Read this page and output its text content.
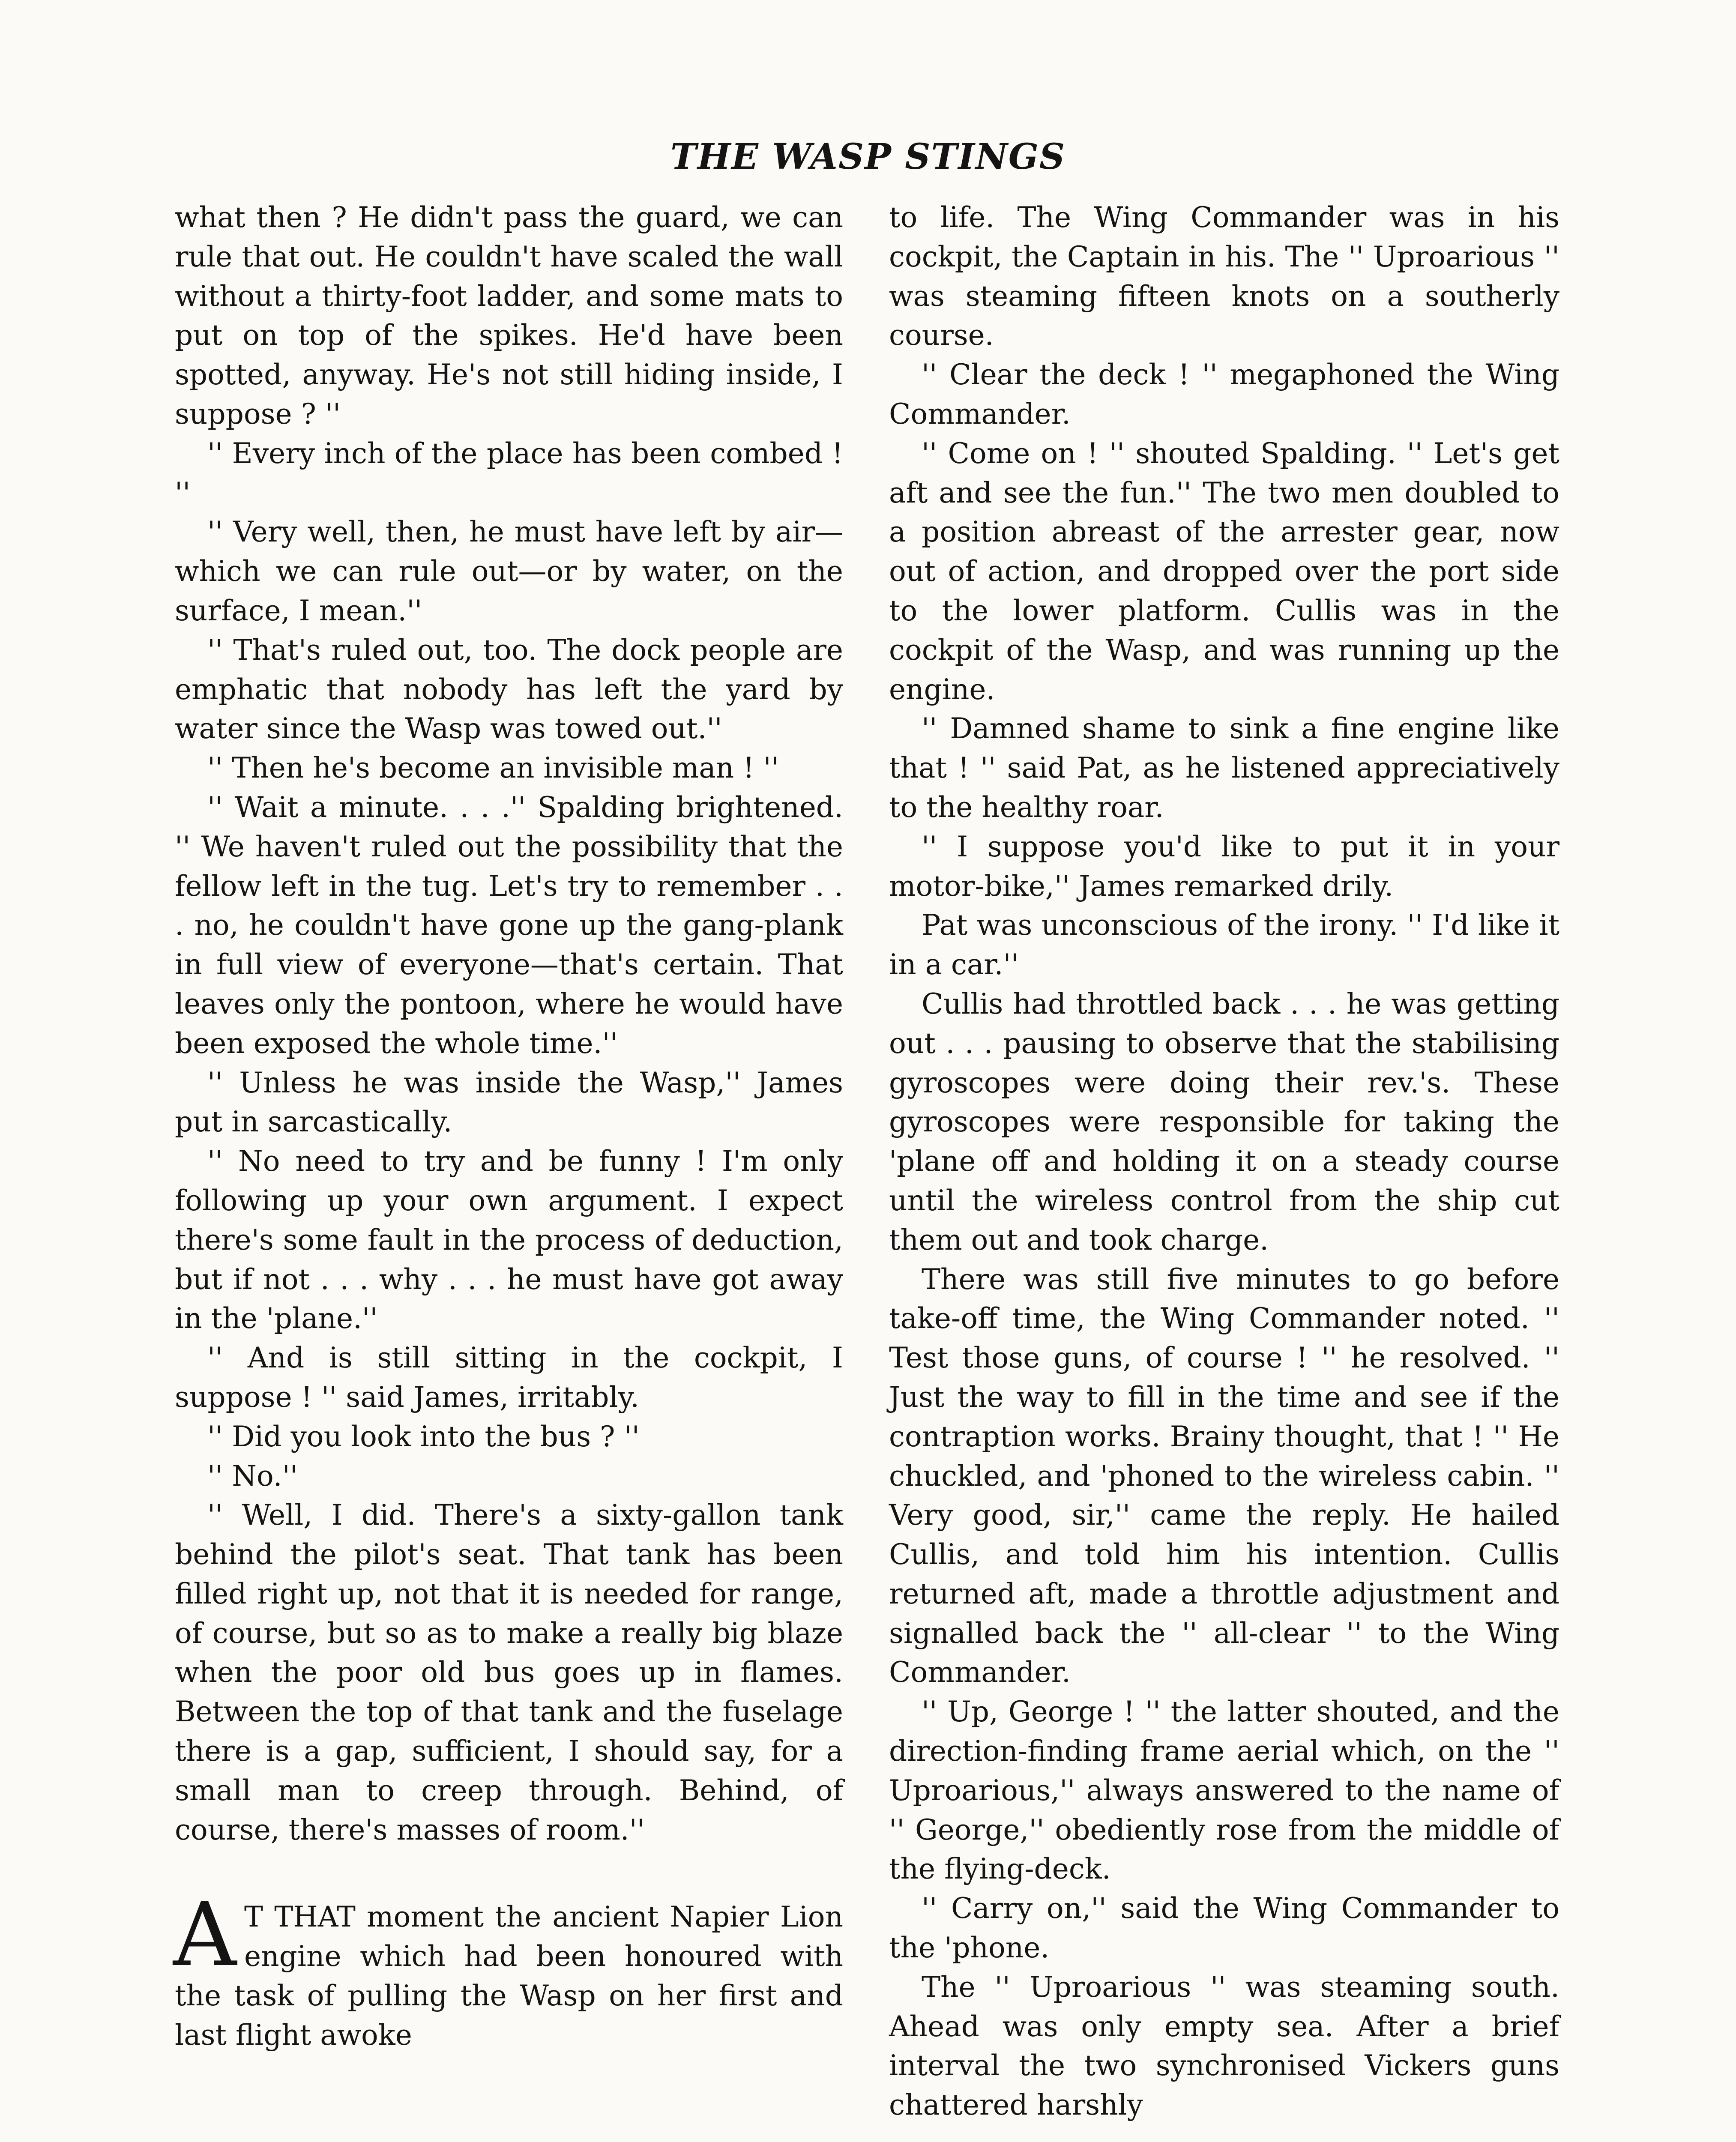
THE WASP STINGS

what then ? He didn't pass the guard, we can rule that out. He couldn't have scaled the wall without a thirty-foot ladder, and some mats to put on top of the spikes. He'd have been spotted, anyway. He's not still hiding inside, I suppose ? ''

'' Every inch of the place has been combed ! ''

'' Very well, then, he must have left by air—which we can rule out—or by water, on the surface, I mean.''

'' That's ruled out, too. The dock people are emphatic that nobody has left the yard by water since the Wasp was towed out.''

'' Then he's become an invisible man ! ''

'' Wait a minute. . . .'' Spalding brightened. '' We haven't ruled out the possibility that the fellow left in the tug. Let's try to remember . . . no, he couldn't have gone up the gang-plank in full view of everyone—that's certain. That leaves only the pontoon, where he would have been exposed the whole time.''

'' Unless he was inside the Wasp,'' James put in sarcastically.

'' No need to try and be funny ! I'm only following up your own argument. I expect there's some fault in the process of deduction, but if not . . . why . . . he must have got away in the 'plane.''

'' And is still sitting in the cockpit, I suppose ! '' said James, irritably.

'' Did you look into the bus ? ''

'' No.''

'' Well, I did. There's a sixty-gallon tank behind the pilot's seat. That tank has been filled right up, not that it is needed for range, of course, but so as to make a really big blaze when the poor old bus goes up in flames. Between the top of that tank and the fuselage there is a gap, sufficient, I should say, for a small man to creep through. Behind, of course, there's masses of room.''

A T THAT moment the ancient Napier Lion engine which had been honoured with the task of pulling the Wasp on her first and last flight awoke

to life. The Wing Commander was in his cockpit, the Captain in his. The '' Uproarious '' was steaming fifteen knots on a southerly course.

'' Clear the deck ! '' megaphoned the Wing Commander.

'' Come on ! '' shouted Spalding. '' Let's get aft and see the fun.'' The two men doubled to a position abreast of the arrester gear, now out of action, and dropped over the port side to the lower platform. Cullis was in the cockpit of the Wasp, and was running up the engine.

'' Damned shame to sink a fine engine like that ! '' said Pat, as he listened appreciatively to the healthy roar.

'' I suppose you'd like to put it in your motor-bike,'' James remarked drily.

Pat was unconscious of the irony. '' I'd like it in a car.''

Cullis had throttled back . . . he was getting out . . . pausing to observe that the stabilising gyroscopes were doing their rev.'s. These gyroscopes were responsible for taking the 'plane off and holding it on a steady course until the wireless control from the ship cut them out and took charge.

There was still five minutes to go before take-off time, the Wing Commander noted. '' Test those guns, of course ! '' he resolved. '' Just the way to fill in the time and see if the contraption works. Brainy thought, that ! '' He chuckled, and 'phoned to the wireless cabin. '' Very good, sir,'' came the reply. He hailed Cullis, and told him his intention. Cullis returned aft, made a throttle adjustment and signalled back the '' all-clear '' to the Wing Commander.

'' Up, George ! '' the latter shouted, and the direction-finding frame aerial which, on the '' Uproarious,'' always answered to the name of '' George,'' obediently rose from the middle of the flying-deck.

'' Carry on,'' said the Wing Commander to the 'phone.

The '' Uproarious '' was steaming south. Ahead was only empty sea. After a brief interval the two synchronised Vickers guns chattered harshly
